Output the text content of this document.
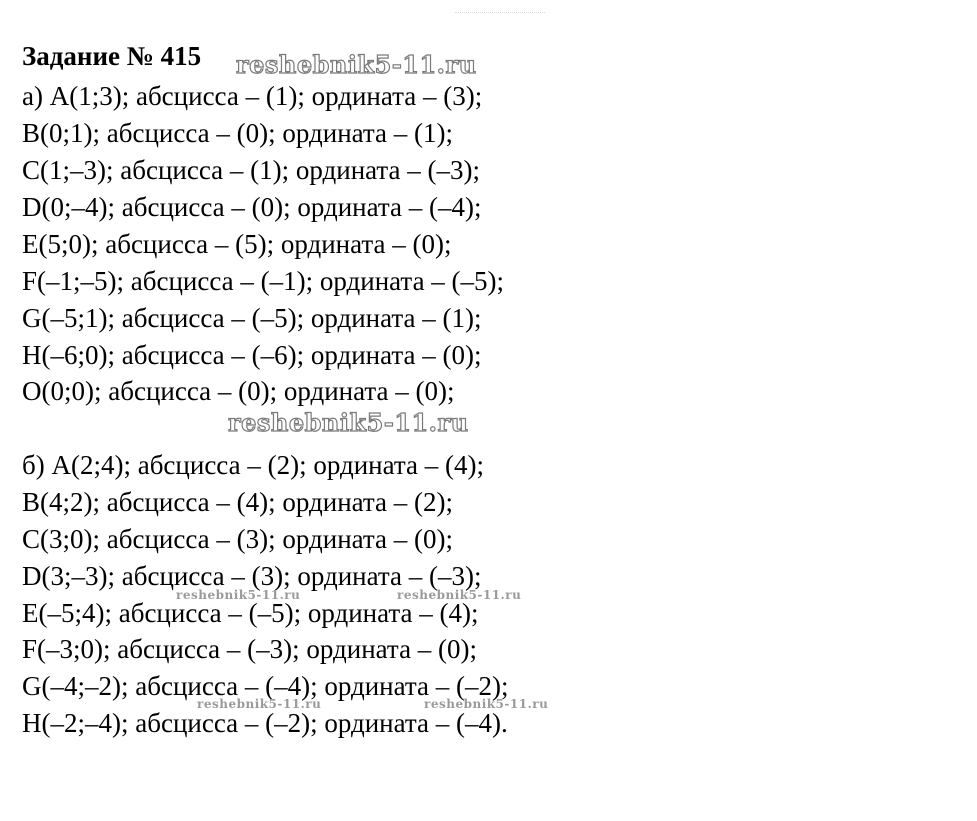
Задание № 415 reshebnik5-11.ru
а) A(1;3); абсцисса – (1); ордината – (3);
B(0;1); абсцисса – (0); ордината – (1);
C(1;–3); абсцисса – (1); ордината – (–3);
D(0;–4); абсцисса – (0); ордината – (–4);
E(5;0); абсцисса – (5); ордината – (0);
F(–1;–5); абсцисса – (–1); ордината – (–5);
G(–5;1); абсцисса – (–5); ордината – (1);
H(–6;0); абсцисса – (–6); ордината – (0);
O(0;0); абсцисса – (0); ордината – (0);
reshebnik5-11.ru
б) A(2;4); абсцисса – (2); ордината – (4);
B(4;2); абсцисса – (4); ордината – (2);
C(3;0); абсцисса – (3); ордината – (0);
D(3;–3); абсцисса – (3); ордината – (–3);
E(–5;4); абсцисса – (–5); ордината – (4);
F(–3;0); абсцисса – (–3); ордината – (0);
G(–4;–2); абсцисса – (–4); ордината – (–2);
H(–2;–4); абсцисса – (–2); ордината – (–4).
reshebnik5-11.ru	reshebnik5-11.ru
reshebnik5-11.ru	reshebnik5-11.ru
